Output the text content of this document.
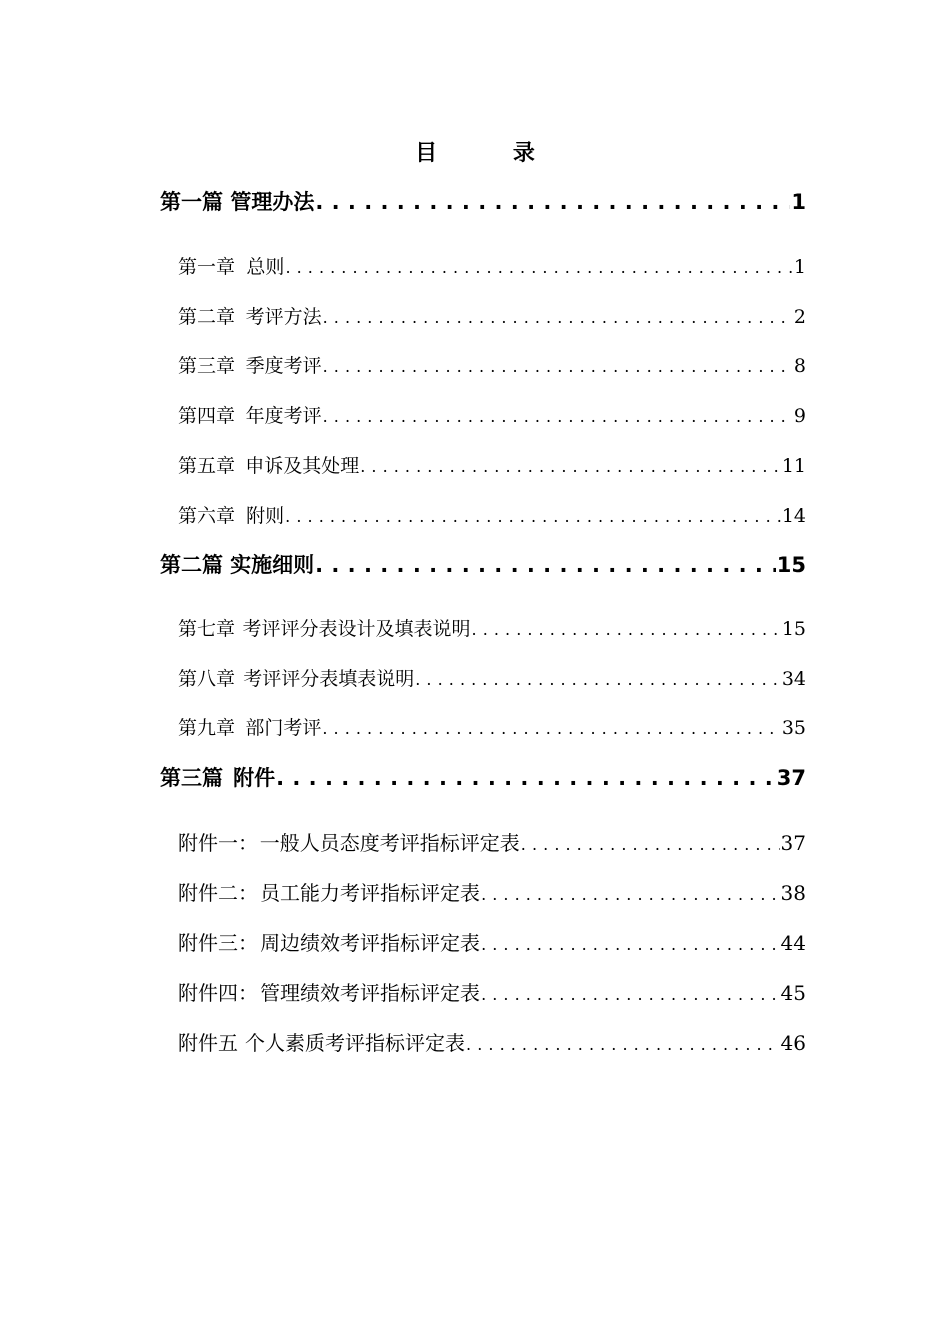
目 录
第一篇 管理办法 . . .	1
第一章 总则 . . .	1
第二章 考评方法 . . .	2
第三章 季度考评 . . .	8
第四章 年度考评 . . .	9
第五章 申诉及其处理 . . .	11
第六章 附则 . . .	14
第二篇 实施细则 . . .	15
第七章 考评评分表设计及填表说明 . . .	15
第八章 考评评分表填表说明 . . .	34
第九章 部门考评 . . .	35
第三篇 附件 . . .	37
附件一： 一般人员态度考评指标评定表 . . .	37
附件二： 员工能力考评指标评定表 . . .	38
附件三： 周边绩效考评指标评定表 . . .	44
附件四： 管理绩效考评指标评定表 . . .	45
附件五 个人素质考评指标评定表 . . .	46
